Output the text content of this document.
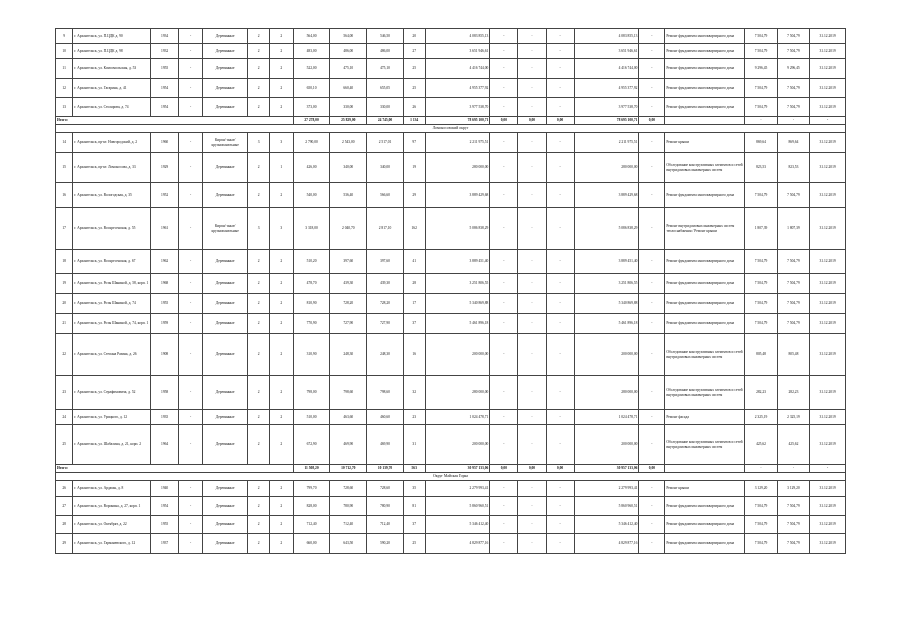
9	г. Архангельск, ул. П.ЦДК д. 90	1934	-	Деревянные	2	2	564,00	564,00	546,50	20	4 083 855,13	-	-	-	4 083 855,13	-	Ремонт фундамента многоквартирного дома	7 504,79	7 504,79	31.12.2019
10	г. Архангельск, ул. П.ЦДК д. 98	1932	-	Деревянные	2	2	483,00	486,00	486,00	27	3 651 946,61	-	-	-	3 651 946,61	-	Ремонт фундамента многоквартирного дома	7 504,79	7 504,79	31.12.2019
11	г. Архангельск, ул. Комсомольская, д. 53	1955	-	Деревянные	2	2	522,00	475,10	475,10	25	4 416 744,00	-	-	-	4 416 744,00	-	Ремонт фундамента многоквартирного дома	9 296,45	9 296,45	31.12.2019
12	г. Архангельск, ул. Гагарина, д. 41	1954	-	Деревянные	2	2	650,10	660,40	655,05	25	4 955 377,92	-	-	-	4 955 377,92	-	Ремонт фундамента многоквартирного дома	7 504,79	7 504,79	31.12.2019
13	г. Архангельск, ул. Столярова, д. 74	1954	-	Деревянные	2	2	373,00	330,00	330,00	26	3 977 538,70	-	-	-	3 977 538,70	-	Ремонт фундамента многоквартирного дома	7 504,79	7 504,79	31.12.2019
Итого:							27 278,00	25 829,00	24 745,00	1 134	78 695 100,71	0,00	0,00	0,00	78 695 100,71	0,00		-	-	-
Ломоносовский округ																				
14	г. Архангельск, пр-кт. Новгородский, д. 2	1960	-	Кирпи/ чные/ крупнопанельные	3	3	2 790,00	2 543,00	2 517,01	97	2 211 975,51	-	-	-	2 211 975,51	-	Ремонт крыши	869,64	869,64	31.12.2019
15	г. Архангельск, пр-кт. Ломоносова, д. 33	1929	-	Деревянные	2	1	426,00	340,00	340,00	19	280 000,00	-	-	-	280 000,00	-	Обследование конструктивных элементов и сетей внутридомовых инженерных систем	823,53	823,53	31.12.2019
16	г. Архангельск, ул. Вологодская, д. 35	1952	-	Деревянные	2	2	540,00	536,40	566,60	29	3 889 429,68	-	-	-	3 889 429,68	-	Ремонт фундамента многоквартирного дома	7 504,79	7 504,79	31.12.2019
17	г. Архангельск, ул. Воскресенская, д. 55	1961	-	Кирпи/ чные/ крупнопанельные	3	3	3 318,00	2 040,70	2 817,10	162	5 086 838,29	-	-	-	5 086 838,29	-	Ремонт внутридомовых инженерных систем теплоснабжения / Ремонт крыши	1 807,39	1 807,39	31.12.2019
18	г. Архангельск, ул. Воскресенская, д. 67	1962	-	Деревянные	2	2	510,20	397,60	397,60	41	3 889 451,40	-	-	-	3 889 451,40	-	Ремонт фундамента многоквартирного дома	7 504,79	7 504,79	31.12.2019
19	г. Архангельск, ул. Розы Шаниной, д. 58, корп. 1	1968	-	Деревянные	2	2	478,70	439,30	439,30	28	3 251 806,55	-	-	-	3 251 806,55	-	Ремонт фундамента многоквартирного дома	7 504,79	7 504,79	31.12.2019
20	г. Архангельск, ул. Розы Шаниной, д. 74	1955	-	Деревянные	2	2	810,90	728,20	728,20	17	5 340 869,88	-	-	-	5 340 869,88	-	Ремонт фундамента многоквартирного дома	7 504,79	7 504,79	31.12.2019
21	г. Архангельск, ул. Розы Шаниной, д. 74, корп. 1	1959	-	Деревянные	2	2	770,90	727,90	727,90	37	5 461 896,18	-	-	-	5 461 896,18	-	Ремонт фундамента многоквартирного дома	7 504,79	7 504,79	31.12.2019
22	г. Архангельск, ул. Степана Разина, д. 26	1908	-	Деревянные	2	2	310,90	248,30	248,30	16	200 000,00	-	-	-	200 000,00	-	Обследование конструктивных элементов и сетей внутридомовых инженерных систем	805,48	805,48	31.12.2019
23	г. Архангельск, ул. Серафимовича, д. 52	1958	-	Деревянные	2	2	798,00	798,60	798,60	32	280 000,00	-	-	-	280 000,00	-	Обследование конструктивных элементов и сетей внутридомовых инженерных систем	282,23	282,23	31.12.2019
24	г. Архангельск, ул. Урицкого, д. 12	1935	-	Деревянные	2	2	510,00	463,60	460,60	23	1 024 478,71	-	-	-	1 024 478,71	-	Ремонт фасада	2 325,19	2 325,19	31.12.2019
25	г. Архангельск, ул. Шабалина, д. 21, корп. 2	1964	-	Деревянные	2	2	672,90	469,90	469,90	31	200 000,00	-	-	-	200 000,00	-	Обследование конструктивных элементов и сетей внутридомовых инженерных систем	425,62	425,62	31.12.2019
Итого:							11 508,20	10 712,70	10 139,70	563	30 957 133,06	0,00	0,00	0,00	30 957 133,06	0,00		-	-	-
Округ Майская Горка																				
26	г. Архангельск, ул. Ардамы, д. 8	1940	-	Деревянные	2	2	799,70	728,60	728,60	35	2 279 993,41	-	-	-	2 279 993,41	-	Ремонт крыши	3 129,20	3 129,20	31.12.2019
27	г. Архангельск, ул. Воронина, д. 27, корп. 1	1954	-	Деревянные	2	2	828,00	780,90	780,90	81	5 860 960,51	-	-	-	5 860 960,51	-	Ремонт фундамента многоквартирного дома	7 504,79	7 504,79	31.12.2019
28	г. Архангельск, ул. Октябрят, д. 22	1955	-	Деревянные	2	2	712,40	712,40	712,40	37	5 346 412,40	-	-	-	5 346 412,40	-	Ремонт фундамента многоквартирного дома	7 504,79	7 504,79	31.12.2019
29	г. Архангельск, ул. Гарманевского, д. 12	1937	-	Деревянные	2	2	660,00	643,50	590,20	25	4 829 877,16	-	-	-	4 829 877,16	-	Ремонт фундамента многоквартирного дома	7 504,79	7 504,79	31.12.2019
